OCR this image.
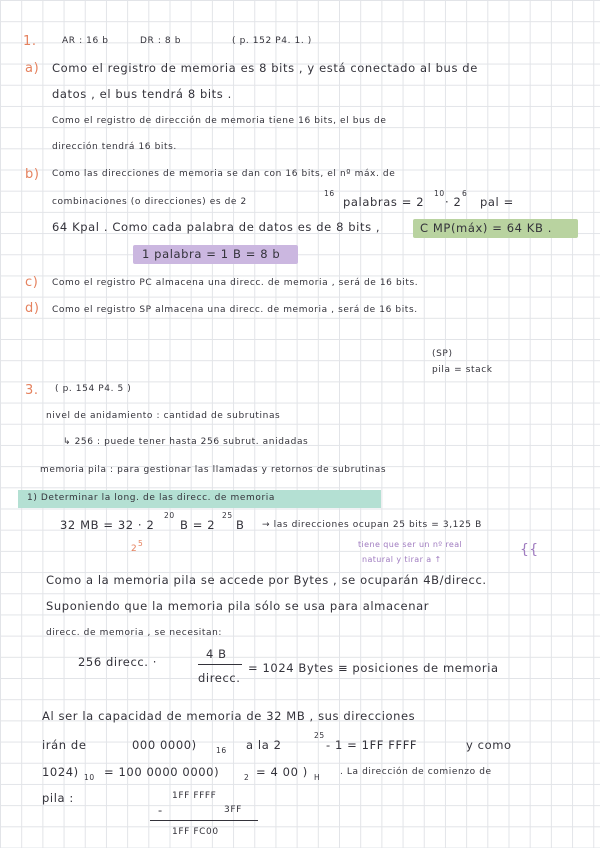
1.	AR : 16 b	DR : 8 b	( p. 152 P4. 1. )
a) Como el registro de memoria es 8 bits , y está conectado al bus de
datos , el bus tendrá 8 bits .
Como el registro de dirección de memoria tiene 16 bits, el bus de
dirección tendrá 16 bits.
b) Como las direcciones de memoria se dan con 16 bits, el nº máx. de
combinaciones (o direcciones) es de 2
16
palabras = 2
10
· 2
6
pal =
64 Kpal . Como cada palabra de datos es de 8 bits ,	C MP(máx) = 64 KB .
1 palabra = 1 B = 8 b
c) Como el registro PC almacena una direcc. de memoria , será de 16 bits.
d) Como el registro SP almacena una direcc. de memoria , será de 16 bits.
(SP)
pila = stack
3. ( p. 154 P4. 5 )
nivel de anidamiento : cantidad de subrutinas
↳ 256 : puede tener hasta 256 subrut. anidadas
memoria pila : para gestionar las llamadas y retornos de subrutinas
1) Determinar la long. de las direcc. de memoria
32 MB = 32 · 2
20
B = 2
25
B → las direcciones ocupan 25 bits = 3,125 B
2
5	tiene que ser un nº real
natural y tirar a ↑
{{
Como a la memoria pila se accede por Bytes , se ocuparán 4B/direcc.
Suponiendo que la memoria pila sólo se usa para almacenar
direcc. de memoria , se necesitan:
256 direcc. ·
4 B
direcc.
= 1024 Bytes ≡ posiciones de memoria
Al ser la capacidad de memoria de 32 MB , sus direcciones
irán de	000 0000)	16 a la 2
25
- 1 = 1FF FFFF	y como
1024) 10 = 100 0000 0000)	2 = 4 00 ) H
. La dirección de comienzo de
pila :	1FF FFFF
-	3FF
1FF FC00
